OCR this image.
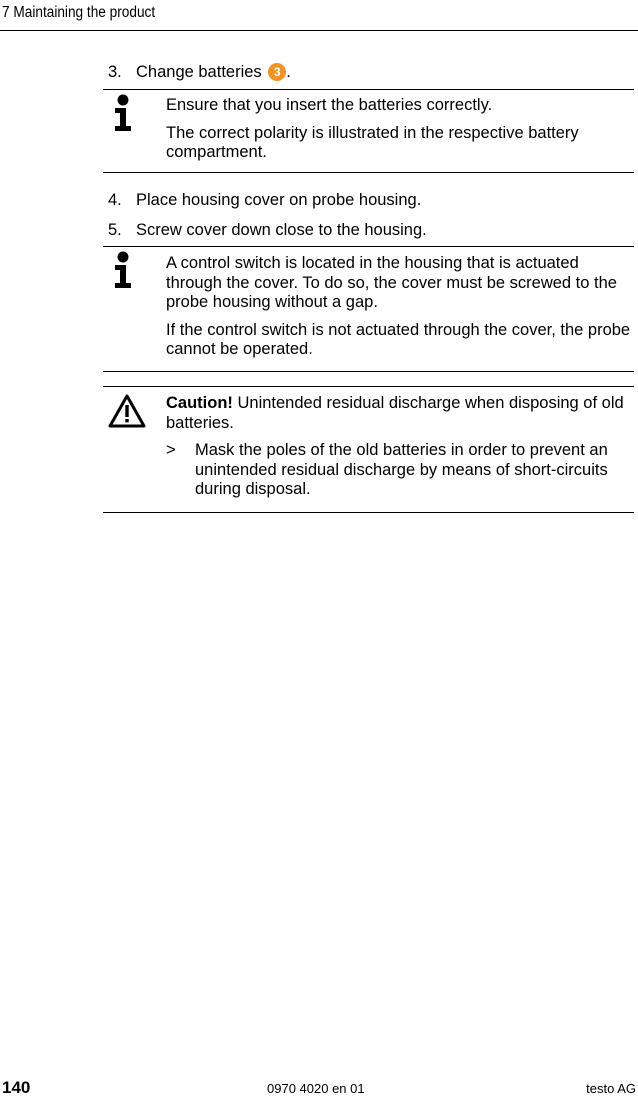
7 Maintaining the product
3. Change batteries 3 .

Ensure that you insert the batteries correctly.

The correct polarity is illustrated in the respective battery compartment.

4. Place housing cover on probe housing.
5. Screw cover down close to the housing.

A control switch is located in the housing that is actuated through the cover. To do so, the cover must be screwed to the probe housing without a gap.

If the control switch is not actuated through the cover, the probe cannot be operated.

Caution! Unintended residual discharge when disposing of old batteries.
>	Mask the poles of the old batteries in order to prevent an unintended residual discharge by means of short-circuits during disposal.
140	0970 4020 en 01	testo AG
